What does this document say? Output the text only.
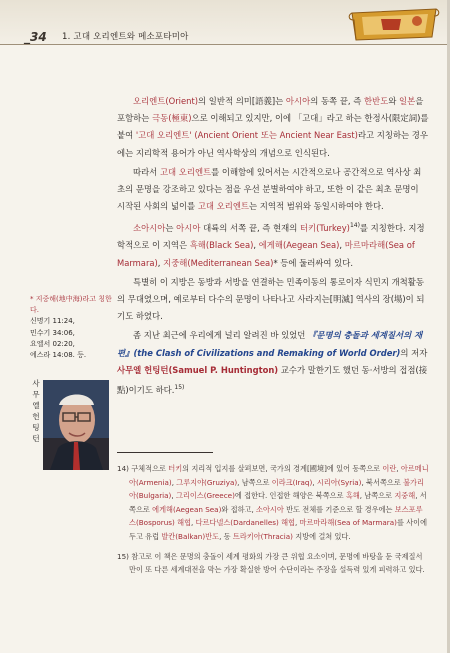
_34 1. 고대 오리엔트와 메소포타미아

오리엔트(Orient)의 일반적 의미[語義]는 아시아의 동쪽 끝, 즉 한반도와 일본을 포함하는 극동(極東)으로 이해되고 있지만, 이에 「고대」라고 하는 한정사(限定詞)를 붙여 '고대 오리엔트' (Ancient Orient 또는 Ancient Near East)라고 지칭하는 경우에는 지리학적 용어가 아닌 역사학상의 개념으로 인식된다.

따라서 고대 오리엔트를 이해함에 있어서는 시간적으로나 공간적으로 역사상 최초의 문명을 강조하고 있다는 점을 우선 분별하여야 하고, 또한 이 같은 최초 문명이 시작된 사회의 넓이를 고대 오리엔트는 지역적 범위와 동일시하여야 한다.

소아시아는 아시아 대륙의 서쪽 끝, 즉 현재의 터키(Turkey)$^{14)}$를 지칭한다. 지정학적으로 이 지역은 흑해(Black Sea), 에게해(Aegean Sea), 마르마라해(Sea of Marmara), 지중해(Mediterranean Sea)* 등에 둘러싸여 있다.

특별히 이 지방은 동방과 서방을 연결하는 민족이동의 통로이자 식민지 개척활동의 무대였으며, 예로부터 다수의 문명이 나타나고 사라지는[明滅] 역사의 장(場)이 되기도 하였다.

좀 지난 최근에 우리에게 널리 알려진 바 있었던 『문명의 충돌과 세계질서의 재편』(the Clash of Civilizations and Remaking of World Order)의 저자 사무엘 헌팅턴(Samuel P. Huntington) 교수가 말한기도 했던 동·서방의 접점(接點)이기도 하다.$^{15)}$

* 지중해(地中海)라고 칭한다.
신명기 11:24,
민수기 34:06,
요엘서 02:20,
에스라 14:08. 등.
사무엘 헌팅턴

14) 구체적으로 터키의 지리적 입지를 살펴보면, 국가의 경계[國境]에 있어 동쪽으로 이란, 아르메니아(Armenia), 그루지야(Gruziya), 남쪽으로 이라크(Iraq), 시리아(Syria), 북서쪽으로 불가리아(Bulgaria), 그리이스(Greece)에 접한다. 인접한 해양은 북쪽으로 흑해, 남쪽으로 지중해, 서쪽으로 에게해(Aegean Sea)와 접하고, 소아시아 반도 전체를 기준으로 할 경우에는 보스포루스(Bosporus) 해협, 다르다넬스(Dardanelles) 해협, 마르마라해(Sea of Marmara)를 사이에 두고 유럽 발칸(Balkan)반도, 동 트라키아(Thracia) 지방에 걸쳐 있다.

15) 참고로 이 책은 문명의 충돌이 세계 평화의 가장 큰 위협 요소이며, 문명에 바탕을 둔 국제질서만이 또 다른 세계대전을 막는 가장 확실한 방어 수단이라는 주장을 설득력 있게 피력하고 있다.
